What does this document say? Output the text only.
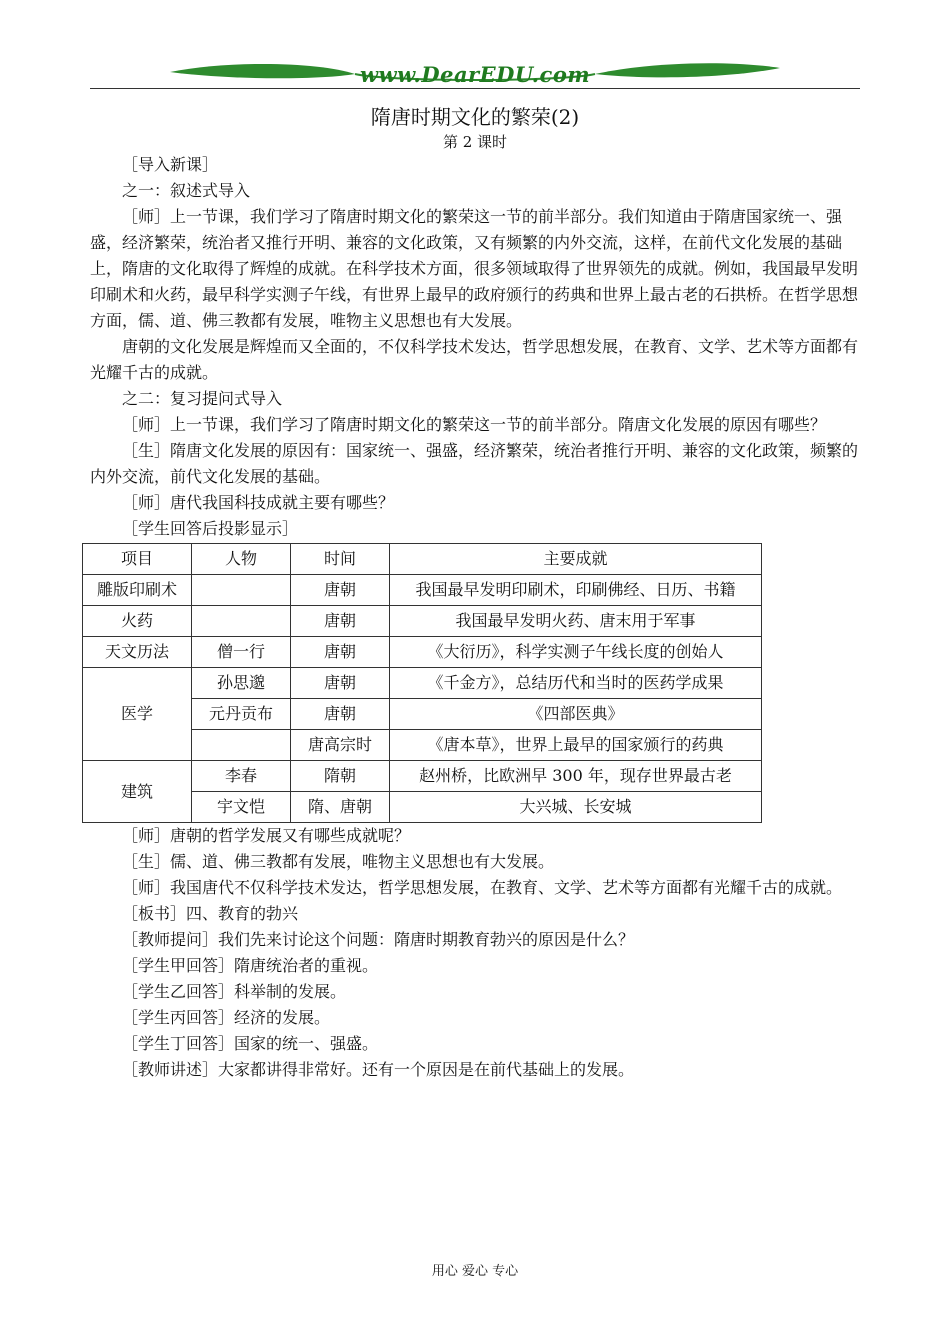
www.DearEDU.com
隋唐时期文化的繁荣(2)
第 2 课时

［导入新课］

之一：叙述式导入

［师］上一节课，我们学习了隋唐时期文化的繁荣这一节的前半部分。我们知道由于隋唐国家统一、强盛，经济繁荣，统治者又推行开明、兼容的文化政策，又有频繁的内外交流，这样，在前代文化发展的基础上，隋唐的文化取得了辉煌的成就。在科学技术方面，很多领域取得了世界领先的成就。例如，我国最早发明印刷术和火药，最早科学实测子午线，有世界上最早的政府颁行的药典和世界上最古老的石拱桥。在哲学思想方面，儒、道、佛三教都有发展，唯物主义思想也有大发展。

唐朝的文化发展是辉煌而又全面的，不仅科学技术发达，哲学思想发展，在教育、文学、艺术等方面都有光耀千古的成就。

之二：复习提问式导入

［师］上一节课，我们学习了隋唐时期文化的繁荣这一节的前半部分。隋唐文化发展的原因有哪些？

［生］隋唐文化发展的原因有：国家统一、强盛，经济繁荣，统治者推行开明、兼容的文化政策，频繁的内外交流，前代文化发展的基础。

［师］唐代我国科技成就主要有哪些？

［学生回答后投影显示］

项目	人物	时间	主要成就
雕版印刷术		唐朝	我国最早发明印刷术，印刷佛经、日历、书籍
火药		唐朝	我国最早发明火药、唐末用于军事
天文历法	僧一行	唐朝	《大衍历》，科学实测子午线长度的创始人
医学	孙思邈	唐朝	《千金方》，总结历代和当时的医药学成果
	元丹贡布	唐朝	《四部医典》
		唐高宗时	《唐本草》，世界上最早的国家颁行的药典
建筑	李春	隋朝	赵州桥，比欧洲早 300 年，现存世界最古老
	宇文恺	隋、唐朝	大兴城、长安城

［师］唐朝的哲学发展又有哪些成就呢？

［生］儒、道、佛三教都有发展，唯物主义思想也有大发展。

［师］我国唐代不仅科学技术发达，哲学思想发展，在教育、文学、艺术等方面都有光耀千古的成就。

［板书］四、教育的勃兴

［教师提问］我们先来讨论这个问题：隋唐时期教育勃兴的原因是什么？

［学生甲回答］隋唐统治者的重视。

［学生乙回答］科举制的发展。

［学生丙回答］经济的发展。

［学生丁回答］国家的统一、强盛。

［教师讲述］大家都讲得非常好。还有一个原因是在前代基础上的发展。

用心 爱心 专心
